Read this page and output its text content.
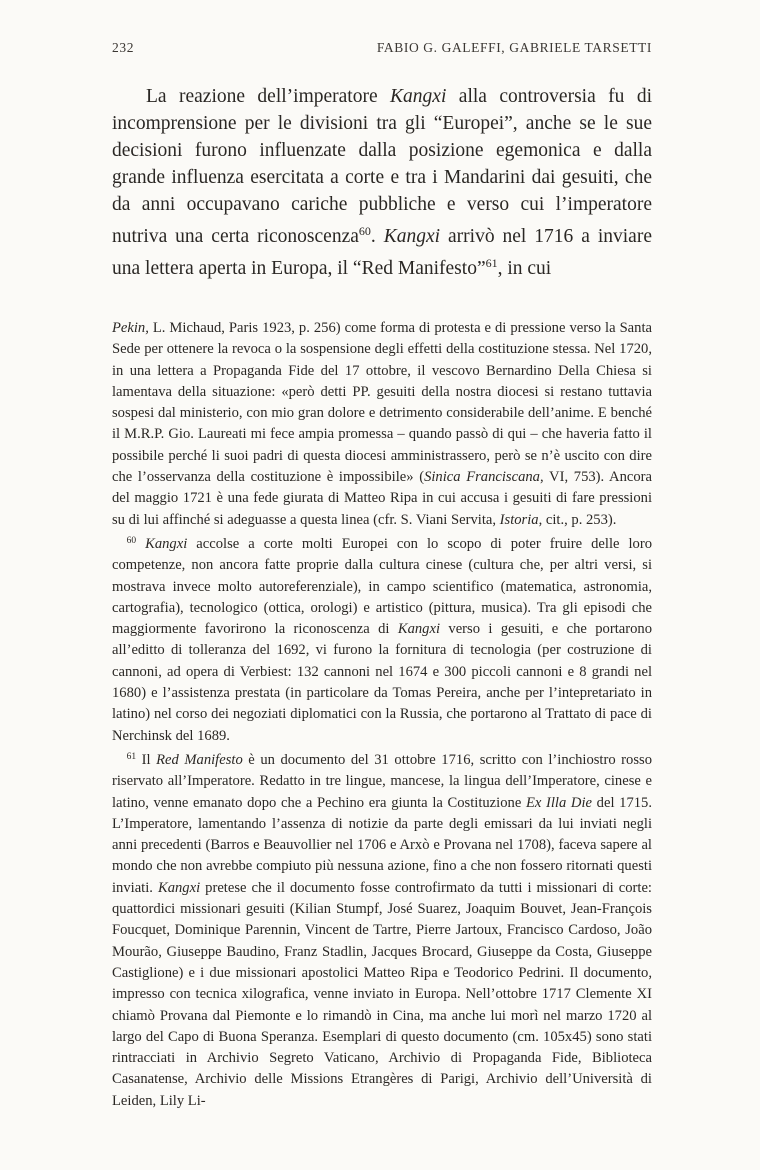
232	FABIO G. GALEFFI, GABRIELE TARSETTI

La reazione dell’imperatore Kangxi alla controversia fu di incomprensione per le divisioni tra gli “Europei”, anche se le sue decisioni furono influenzate dalla posizione egemonica e dalla grande influenza esercitata a corte e tra i Mandarini dai gesuiti, che da anni occupavano cariche pubbliche e verso cui l’imperatore nutriva una certa riconoscenza$^{60}$. Kangxi arrivò nel 1716 a inviare una lettera aperta in Europa, il “Red Manifesto”$^{61}$, in cui

Pekin, L. Michaud, Paris 1923, p. 256) come forma di protesta e di pressione verso la Santa Sede per ottenere la revoca o la sospensione degli effetti della costituzione stessa. Nel 1720, in una lettera a Propaganda Fide del 17 ottobre, il vescovo Bernardino Della Chiesa si lamentava della situazione: «però detti PP. gesuiti della nostra diocesi si restano tuttavia sospesi dal ministerio, con mio gran dolore e detrimento considerabile dell’anime. E benché il M.R.P. Gio. Laureati mi fece ampia promessa – quando passò di qui – che haveria fatto il possibile perché li suoi padri di questa diocesi amministrassero, però se n’è uscito con dire che l’osservanza della costituzione è impossibile» (Sinica Franciscana, VI, 753). Ancora del maggio 1721 è una fede giurata di Matteo Ripa in cui accusa i gesuiti di fare pressioni su di lui affinché si adeguasse a questa linea (cfr. S. Viani Servita, Istoria, cit., p. 253).

 $^{60}$ Kangxi accolse a corte molti Europei con lo scopo di poter fruire delle loro competenze, non ancora fatte proprie dalla cultura cinese (cultura che, per altri versi, si mostrava invece molto autoreferenziale), in campo scientifico (matematica, astronomia, cartografia), tecnologico (ottica, orologi) e artistico (pittura, musica). Tra gli episodi che maggiormente favorirono la riconoscenza di Kangxi verso i gesuiti, e che portarono all’editto di tolleranza del 1692, vi furono la fornitura di tecnologia (per costruzione di cannoni, ad opera di Verbiest: 132 cannoni nel 1674 e 300 piccoli cannoni e 8 grandi nel 1680) e l’assistenza prestata (in particolare da Tomas Pereira, anche per l’intepretariato in latino) nel corso dei negoziati diplomatici con la Russia, che portarono al Trattato di pace di Nerchinsk del 1689.

 $^{61}$ Il Red Manifesto è un documento del 31 ottobre 1716, scritto con l’inchiostro rosso riservato all’Imperatore. Redatto in tre lingue, mancese, la lingua dell’Imperatore, cinese e latino, venne emanato dopo che a Pechino era giunta la Costituzione Ex Illa Die del 1715. L’Imperatore, lamentando l’assenza di notizie da parte degli emissari da lui inviati negli anni precedenti (Barros e Beauvollier nel 1706 e Arxò e Provana nel 1708), faceva sapere al mondo che non avrebbe compiuto più nessuna azione, fino a che non fossero ritornati questi inviati. Kangxi pretese che il documento fosse controfirmato da tutti i missionari di corte: quattordici missionari gesuiti (Kilian Stumpf, José Suarez, Joaquim Bouvet, Jean-François Foucquet, Dominique Parennin, Vincent de Tartre, Pierre Jartoux, Francisco Cardoso, João Mourão, Giuseppe Baudino, Franz Stadlin, Jacques Brocard, Giuseppe da Costa, Giuseppe Castiglione) e i due missionari apostolici Matteo Ripa e Teodorico Pedrini. Il documento, impresso con tecnica xilografica, venne inviato in Europa. Nell’ottobre 1717 Clemente XI chiamò Provana dal Piemonte e lo rimandò in Cina, ma anche lui morì nel marzo 1720 al largo del Capo di Buona Speranza. Esemplari di questo documento (cm. 105x45) sono stati rintracciati in Archivio Segreto Vaticano, Archivio di Propaganda Fide, Biblioteca Casanatense, Archivio delle Missions Etrangères di Parigi, Archivio dell’Università di Leiden, Lily Li-
